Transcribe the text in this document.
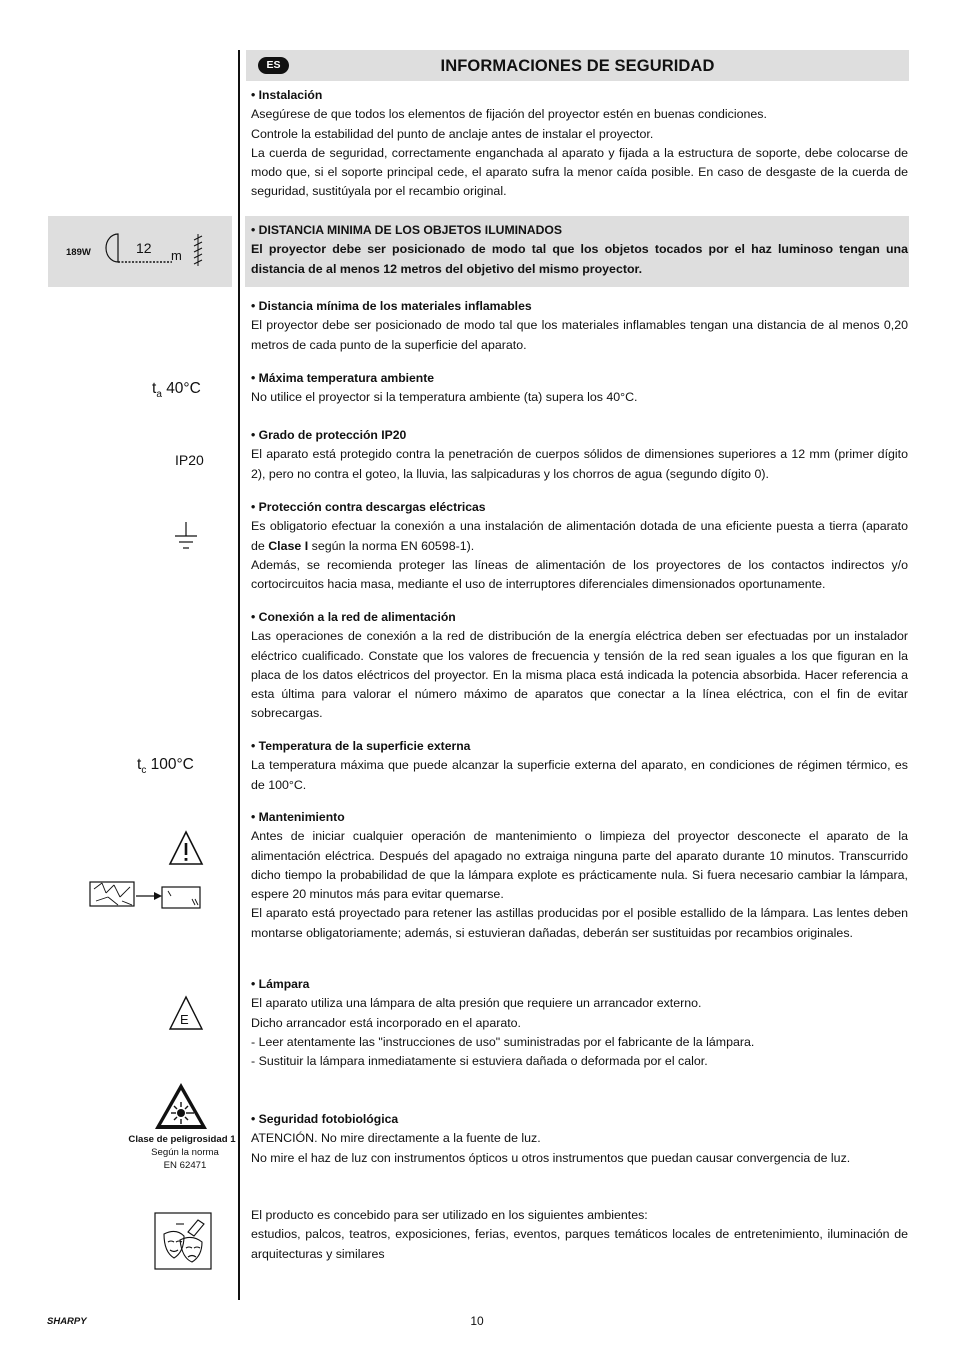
ES	INFORMACIONES DE SEGURIDAD
189W	12 m
$t_a$ 40°C
IP20
$t_c$ 100°C
E
Clase de peligrosidad 1
Según la norma
EN 62471

• Instalación

Asegúrese de que todos los elementos de fijación del proyector estén en buenas condiciones.

Controle la estabilidad del punto de anclaje antes de instalar el proyector.

La cuerda de seguridad, correctamente enganchada al aparato y fijada a la estructura de soporte, debe colocarse de modo que, si el soporte principal cede, el aparato sufra la menor caída posible. En caso de desgaste de la cuerda de seguridad, sustitúyala por el recambio original.

• DISTANCIA MINIMA DE LOS OBJETOS ILUMINADOS

El proyector debe ser posicionado de modo tal que los objetos tocados por el haz luminoso tengan una distancia de al menos 12 metros del objetivo del mismo proyector.

• Distancia mínima de los materiales inflamables

El proyector debe ser posicionado de modo tal que los materiales inflamables tengan una distancia de al menos 0,20 metros de cada punto de la superficie del aparato.

• Máxima temperatura ambiente

No utilice el proyector si la temperatura ambiente (ta) supera los 40°C.

• Grado de protección IP20

El aparato está protegido contra la penetración de cuerpos sólidos de dimensiones superiores a 12 mm (primer dígito 2), pero no contra el goteo, la lluvia, las salpicaduras y los chorros de agua (segundo dígito 0).

• Protección contra descargas eléctricas

Es obligatorio efectuar la conexión a una instalación de alimentación dotada de una eficiente puesta a tierra (aparato de Clase I según la norma EN 60598-1).

Además, se recomienda proteger las líneas de alimentación de los proyectores de los contactos indirectos y/o cortocircuitos hacia masa, mediante el uso de interruptores diferenciales dimensionados oportunamente.

• Conexión a la red de alimentación

Las operaciones de conexión a la red de distribución de la energía eléctrica deben ser efectuadas por un instalador eléctrico cualificado. Constate que los valores de frecuencia y tensión de la red sean iguales a los que figuran en la placa de los datos eléctricos del proyector. En la misma placa está indicada la potencia absorbida. Hacer referencia a esta última para valorar el número máximo de aparatos que conectar a la línea eléctrica, con el fin de evitar sobrecargas.

• Temperatura de la superficie externa

La temperatura máxima que puede alcanzar la superficie externa del aparato, en condiciones de régimen térmico, es de 100°C.

• Mantenimiento

Antes de iniciar cualquier operación de mantenimiento o limpieza del proyector desconecte el aparato de la alimentación eléctrica. Después del apagado no extraiga ninguna parte del aparato durante 10 minutos. Transcurrido dicho tiempo la probabilidad de que la lámpara explote es prácticamente nula. Si fuera necesario cambiar la lámpara, espere 20 minutos más para evitar quemarse.

El aparato está proyectado para retener las astillas producidas por el posible estallido de la lámpara. Las lentes deben montarse obligatoriamente; además, si estuvieran dañadas, deberán ser sustituidas por recambios originales.

• Lámpara

El aparato utiliza una lámpara de alta presión que requiere un arrancador externo.

Dicho arrancador está incorporado en el aparato.

- Leer atentamente las "instrucciones de uso" suministradas por el fabricante de la lámpara.

- Sustituir la lámpara inmediatamente si estuviera dañada o deformada por el calor.

• Seguridad fotobiológica

ATENCIÓN. No mire directamente a la fuente de luz.

No mire el haz de luz con instrumentos ópticos u otros instrumentos que puedan causar convergencia de luz.

El producto es concebido para ser utilizado en los siguientes ambientes:

estudios, palcos, teatros, exposiciones, ferias, eventos, parques temáticos locales de entretenimiento, iluminación de arquitecturas y similares

SHARPY	10
